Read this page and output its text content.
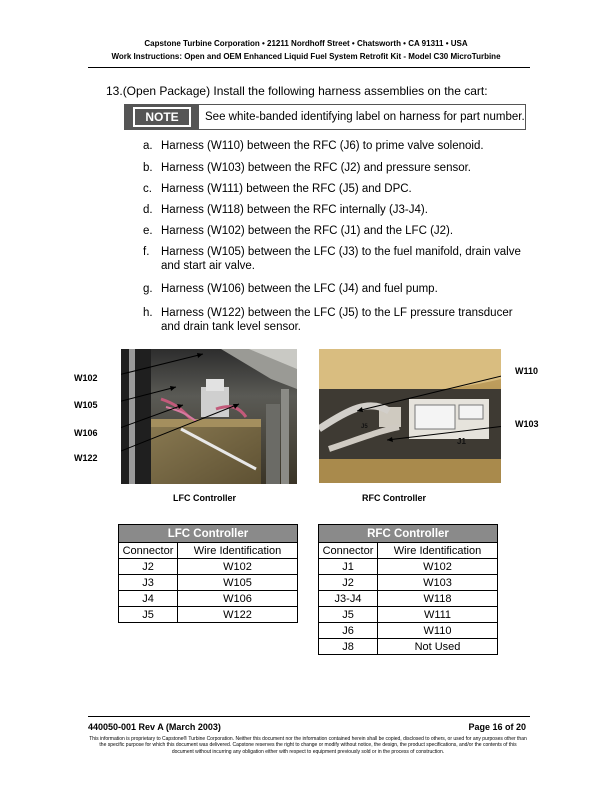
Capstone Turbine Corporation • 21211 Nordhoff Street • Chatsworth • CA 91311 • USA
Work Instructions: Open and OEM Enhanced Liquid Fuel System Retrofit Kit - Model C30 MicroTurbine
13.(Open Package) Install the following harness assemblies on the cart:
NOTE	See white-banded identifying label on harness for part number.
a. Harness (W110) between the RFC (J6) to prime valve solenoid.
b. Harness (W103) between the RFC (J2) and pressure sensor.
c. Harness (W111) between the RFC (J5) and DPC.
d. Harness (W118) between the RFC internally (J3-J4).
e. Harness (W102) between the RFC (J1) and the LFC (J2).
f.	Harness (W105) between the LFC (J3) to the fuel manifold, drain valve and start air valve.
g. Harness (W106) between the LFC (J4) and fuel pump.
h. Harness (W122) between the LFC (J5) to the LF pressure transducer and drain tank level sensor.
W102
W105
W106
W122
LFC Controller
J5
J1
W110
W103
RFC Controller
LFC Controller	
Connector	Wire Identification
J2	W102
J3	W105
J4	W106
J5	W122
RFC Controller	
Connector	Wire Identification
J1	W102
J2	W103
J3-J4	W118
J5	W111
J6	W110
J8	Not Used
440050-001 Rev A (March 2003)	Page 16 of 20
This information is proprietary to Capstone® Turbine Corporation. Neither this document nor the information contained herein shall be copied, disclosed to others, or used for any purposes other than the specific purpose for which this document was delivered. Capstone reserves the right to change or modify without notice, the design, the product specifications, and/or the contents of this document without incurring any obligation either with respect to equipment previously sold or in the process of construction.
